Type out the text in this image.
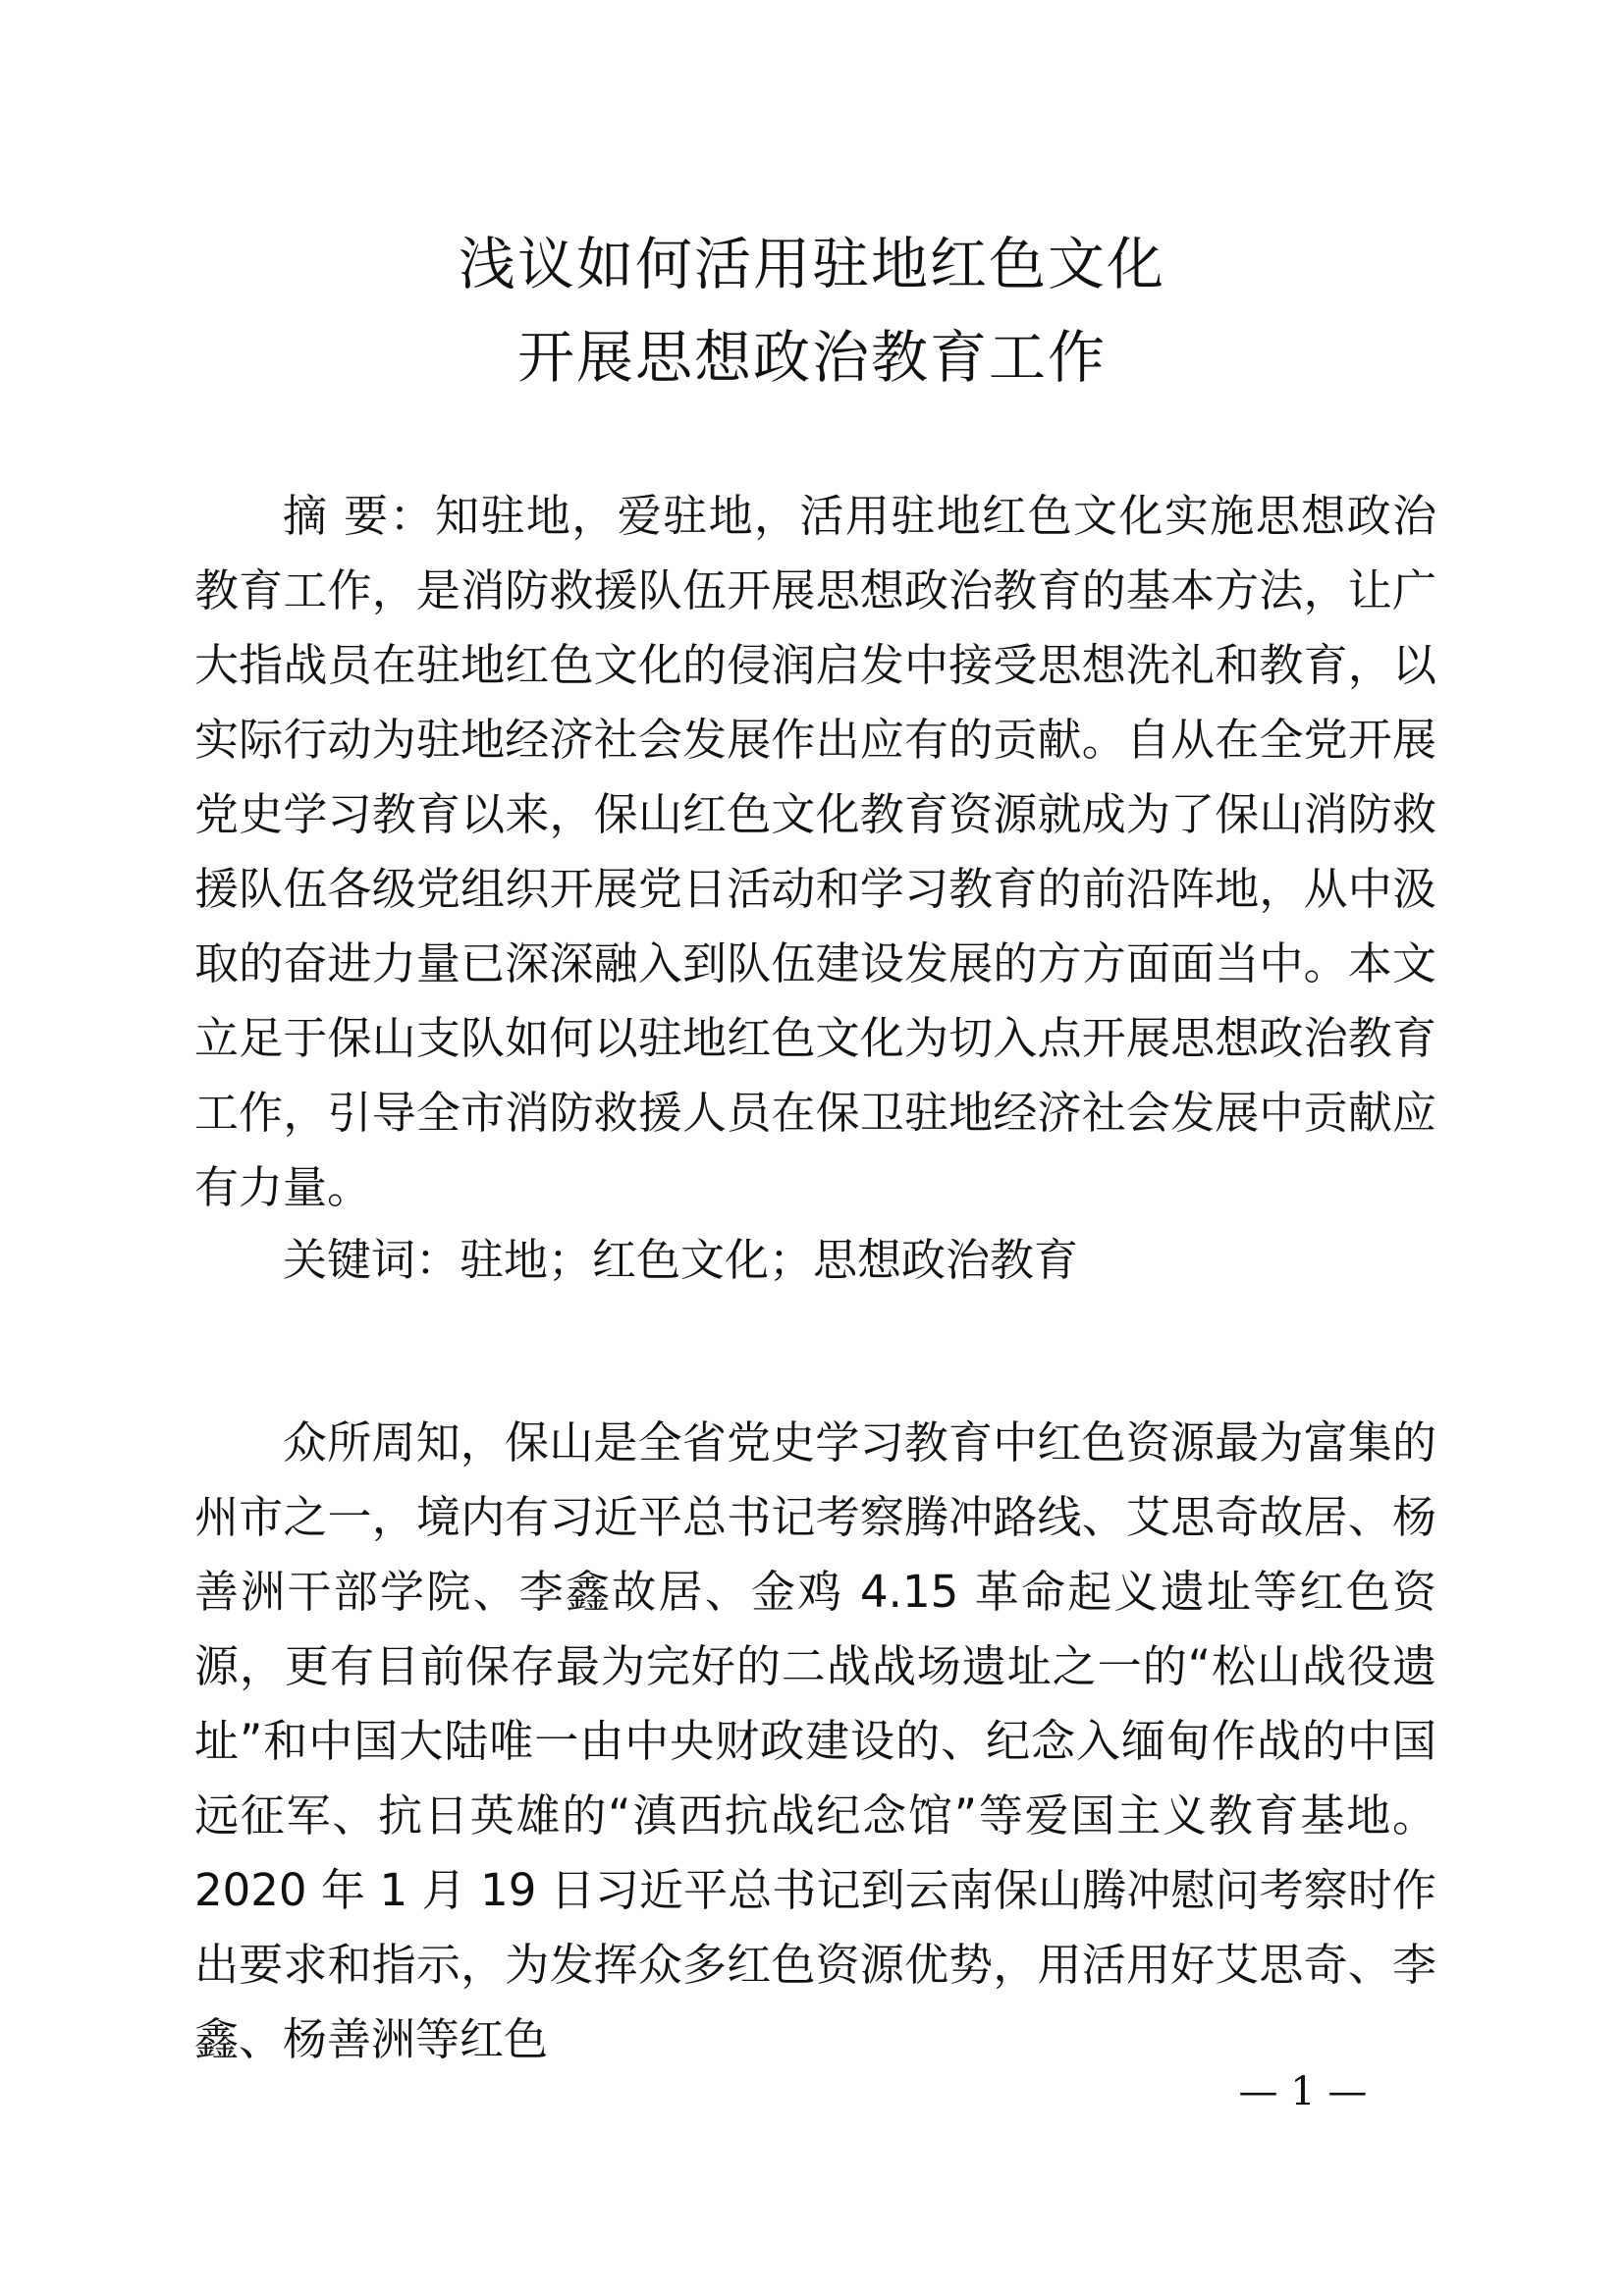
浅议如何活用驻地红色文化
开展思想政治教育工作

摘 要：知驻地，爱驻地，活用驻地红色文化实施思想政治教育工作，是消防救援队伍开展思想政治教育的基本方法，让广大指战员在驻地红色文化的侵润启发中接受思想洗礼和教育，以实际行动为驻地经济社会发展作出应有的贡献。自从在全党开展党史学习教育以来，保山红色文化教育资源就成为了保山消防救援队伍各级党组织开展党日活动和学习教育的前沿阵地，从中汲取的奋进力量已深深融入到队伍建设发展的方方面面当中。本文立足于保山支队如何以驻地红色文化为切入点开展思想政治教育工作，引导全市消防救援人员在保卫驻地经济社会发展中贡献应有力量。

关键词：驻地；红色文化；思想政治教育

众所周知，保山是全省党史学习教育中红色资源最为富集的州市之一，境内有习近平总书记考察腾冲路线、艾思奇故居、杨善洲干部学院、李鑫故居、金鸡 4.15 革命起义遗址等红色资源，更有目前保存最为完好的二战战场遗址之一的“松山战役遗址”和中国大陆唯一由中央财政建设的、纪念入缅甸作战的中国远征军、抗日英雄的“滇西抗战纪念馆”等爱国主义教育基地。2020 年 1 月 19 日习近平总书记到云南保山腾冲慰问考察时作出要求和指示，为发挥众多红色资源优势，用活用好艾思奇、李鑫、杨善洲等红色

— 1 —
